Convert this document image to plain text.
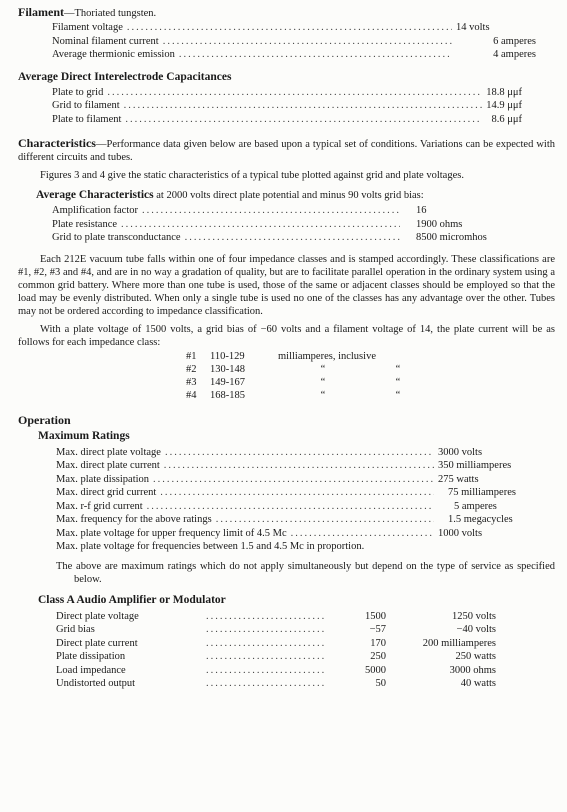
Filament—Thoriated tungsten.
Filament voltage .....	14 volts
Nominal filament current .....	6 amperes
Average thermionic emission .....	4 amperes
Average Direct Interelectrode Capacitances
Plate to grid .....	18.8 μμf
Grid to filament .....	14.9 μμf
Plate to filament .....	8.6 μμf

Characteristics—Performance data given below are based upon a typical set of conditions. Variations can be expected with different circuits and tubes.

Figures 3 and 4 give the static characteristics of a typical tube plotted against grid and plate voltages.

Average Characteristics at 2000 volts direct plate potential and minus 90 volts grid bias:
Amplification factor .....	16
Plate resistance .....	1900 ohms
Grid to plate transconductance .....	8500 micromhos

Each 212E vacuum tube falls within one of four impedance classes and is stamped accordingly. These classifications are #1, #2, #3 and #4, and are in no way a gradation of quality, but are to facilitate parallel operation in the ordinary system using a common grid battery. Where more than one tube is used, those of the same or adjacent classes should be employed so that the load may be evenly distributed. When only a single tube is used no one of the classes has any advantage over the other. Tubes may not be ordered according to impedance classification.

With a plate voltage of 1500 volts, a grid bias of −60 volts and a filament voltage of 14, the plate current will be as follows for each impedance class:

#1	110-129	milliamperes, inclusive
#2	130-148	“	“
#3	149-167	“	“
#4	168-185	“	“
Operation
Maximum Ratings
Max. direct plate voltage .....	3000 volts
Max. direct plate current .....	350 milliamperes
Max. plate dissipation .....	275 watts
Max. direct grid current .....	75 milliamperes
Max. r-f grid current .....	5 amperes
Max. frequency for the above ratings .....	1.5 megacycles
Max. plate voltage for upper frequency limit of 4.5 Mc .....	1000 volts
Max. plate voltage for frequencies between 1.5 and 4.5 Mc in proportion.

The above are maximum ratings which do not apply simultaneously but depend on the type of service as specified below.

Class A Audio Amplifier or Modulator
Direct plate voltage .....	1500	1250 volts
Grid bias .....	−57	−40 volts
Direct plate current .....	170	200 milliamperes
Plate dissipation .....	250	250 watts
Load impedance .....	5000	3000 ohms
Undistorted output .....	50	40 watts
